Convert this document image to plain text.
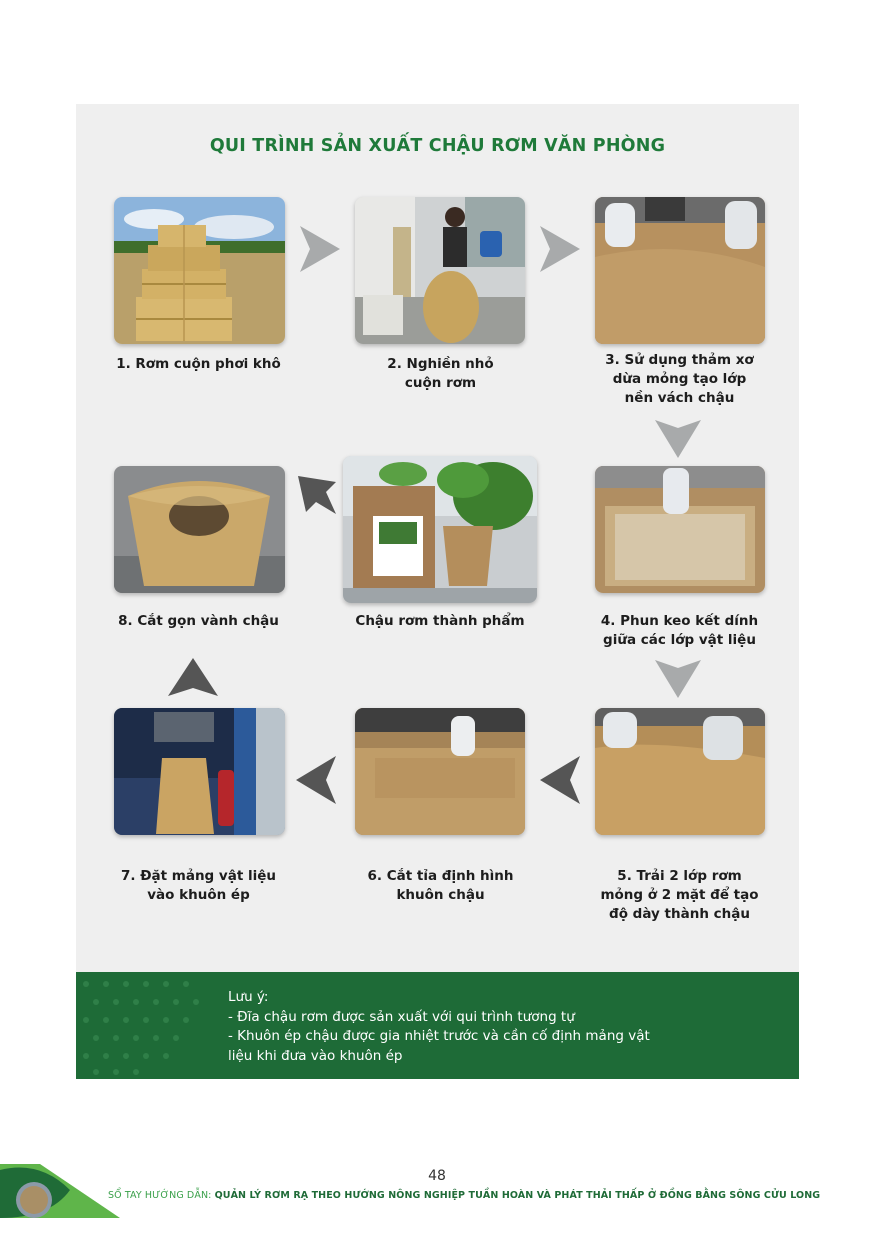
QUI TRÌNH SẢN XUẤT CHẬU RƠM VĂN PHÒNG
1. Rơm cuộn phơi khô	2. Nghiền nhỏ
cuộn rơm
3. Sử dụng thảm xơ
dừa mỏng tạo lớp
nền vách chậu
4. Phun keo kết dính
giữa các lớp vật liệu
5. Trải 2 lớp rơm
mỏng ở 2 mặt để tạo
độ dày thành chậu
6. Cắt tỉa định hình
khuôn chậu
7. Đặt mảng vật liệu
vào khuôn ép
8. Cắt gọn vành chậu	Chậu rơm thành phẩm
Lưu ý:
- Đĩa chậu rơm được sản xuất với qui trình tương tự
- Khuôn ép chậu được gia nhiệt trước và cần cố định mảng vật
liệu khi đưa vào khuôn ép
48
SỔ TAY HƯỚNG DẪN: QUẢN LÝ RƠM RẠ THEO HƯỚNG NÔNG NGHIỆP TUẦN HOÀN VÀ PHÁT THẢI THẤP Ở ĐỒNG BẰNG SÔNG CỬU LONG
